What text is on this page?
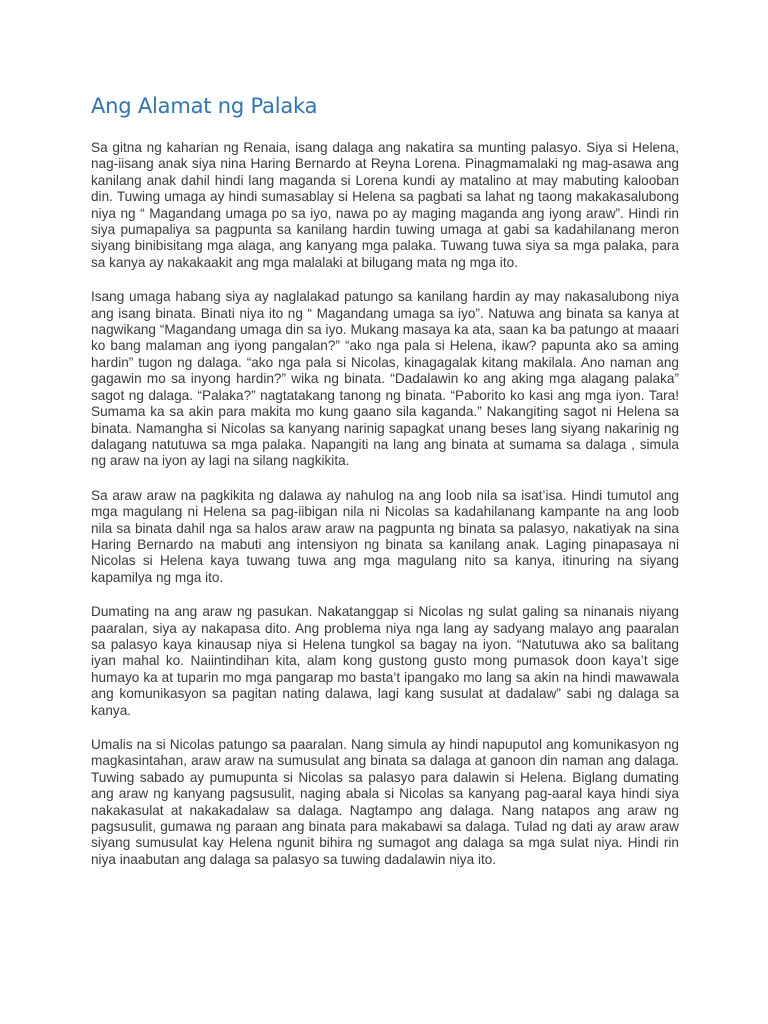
Ang Alamat ng Palaka

Sa gitna ng kaharian ng Renaia, isang dalaga ang nakatira sa munting palasyo. Siya si Helena, nag-iisang anak siya nina Haring Bernardo at Reyna Lorena. Pinagmamalaki ng mag-asawa ang kanilang anak dahil hindi lang maganda si Lorena kundi ay matalino at may mabuting kalooban din. Tuwing umaga ay hindi sumasablay si Helena sa pagbati sa lahat ng taong makakasalubong niya ng “ Magandang umaga po sa iyo, nawa po ay maging maganda ang iyong araw”. Hindi rin siya pumapaliya sa pagpunta sa kanilang hardin tuwing umaga at gabi sa kadahilanang meron siyang binibisitang mga alaga, ang kanyang mga palaka. Tuwang tuwa siya sa mga palaka, para sa kanya ay nakakaakit ang mga malalaki at bilugang mata ng mga ito.

Isang umaga habang siya ay naglalakad patungo sa kanilang hardin ay may nakasalubong niya ang isang binata. Binati niya ito ng “ Magandang umaga sa iyo”. Natuwa ang binata sa kanya at nagwikang “Magandang umaga din sa iyo. Mukang masaya ka ata, saan ka ba patungo at maaari ko bang malaman ang iyong pangalan?” “ako nga pala si Helena, ikaw? papunta ako sa aming hardin” tugon ng dalaga. “ako nga pala si Nicolas, kinagagalak kitang makilala. Ano naman ang gagawin mo sa inyong hardin?” wika ng binata. “Dadalawin ko ang aking mga alagang palaka” sagot ng dalaga. “Palaka?” nagtatakang tanong ng binata. “Paborito ko kasi ang mga iyon. Tara! Sumama ka sa akin para makita mo kung gaano sila kaganda.” Nakangiting sagot ni Helena sa binata. Namangha si Nicolas sa kanyang narinig sapagkat unang beses lang siyang nakarinig ng dalagang natutuwa sa mga palaka. Napangiti na lang ang binata at sumama sa dalaga , simula ng araw na iyon ay lagi na silang nagkikita.

Sa araw araw na pagkikita ng dalawa ay nahulog na ang loob nila sa isat’isa. Hindi tumutol ang mga magulang ni Helena sa pag-iibigan nila ni Nicolas sa kadahilanang kampante na ang loob nila sa binata dahil nga sa halos araw araw na pagpunta ng binata sa palasyo, nakatiyak na sina Haring Bernardo na mabuti ang intensiyon ng binata sa kanilang anak. Laging pinapasaya ni Nicolas si Helena kaya tuwang tuwa ang mga magulang nito sa kanya, itinuring na siyang kapamilya ng mga ito.

Dumating na ang araw ng pasukan. Nakatanggap si Nicolas ng sulat galing sa ninanais niyang paaralan, siya ay nakapasa dito. Ang problema niya nga lang ay sadyang malayo ang paaralan sa palasyo kaya kinausap niya si Helena tungkol sa bagay na iyon. “Natutuwa ako sa balitang iyan mahal ko. Naiintindihan kita, alam kong gustong gusto mong pumasok doon kaya’t sige humayo ka at tuparin mo mga pangarap mo basta’t ipangako mo lang sa akin na hindi mawawala ang komunikasyon sa pagitan nating dalawa, lagi kang susulat at dadalaw” sabi ng dalaga sa kanya.

Umalis na si Nicolas patungo sa paaralan. Nang simula ay hindi napuputol ang komunikasyon ng magkasintahan, araw araw na sumusulat ang binata sa dalaga at ganoon din naman ang dalaga. Tuwing sabado ay pumupunta si Nicolas sa palasyo para dalawin si Helena. Biglang dumating ang araw ng kanyang pagsusulit, naging abala si Nicolas sa kanyang pag-aaral kaya hindi siya nakakasulat at nakakadalaw sa dalaga. Nagtampo ang dalaga. Nang natapos ang araw ng pagsusulit, gumawa ng paraan ang binata para makabawi sa dalaga. Tulad ng dati ay araw araw siyang sumusulat kay Helena ngunit bihira ng sumagot ang dalaga sa mga sulat niya. Hindi rin niya inaabutan ang dalaga sa palasyo sa tuwing dadalawin niya ito.
